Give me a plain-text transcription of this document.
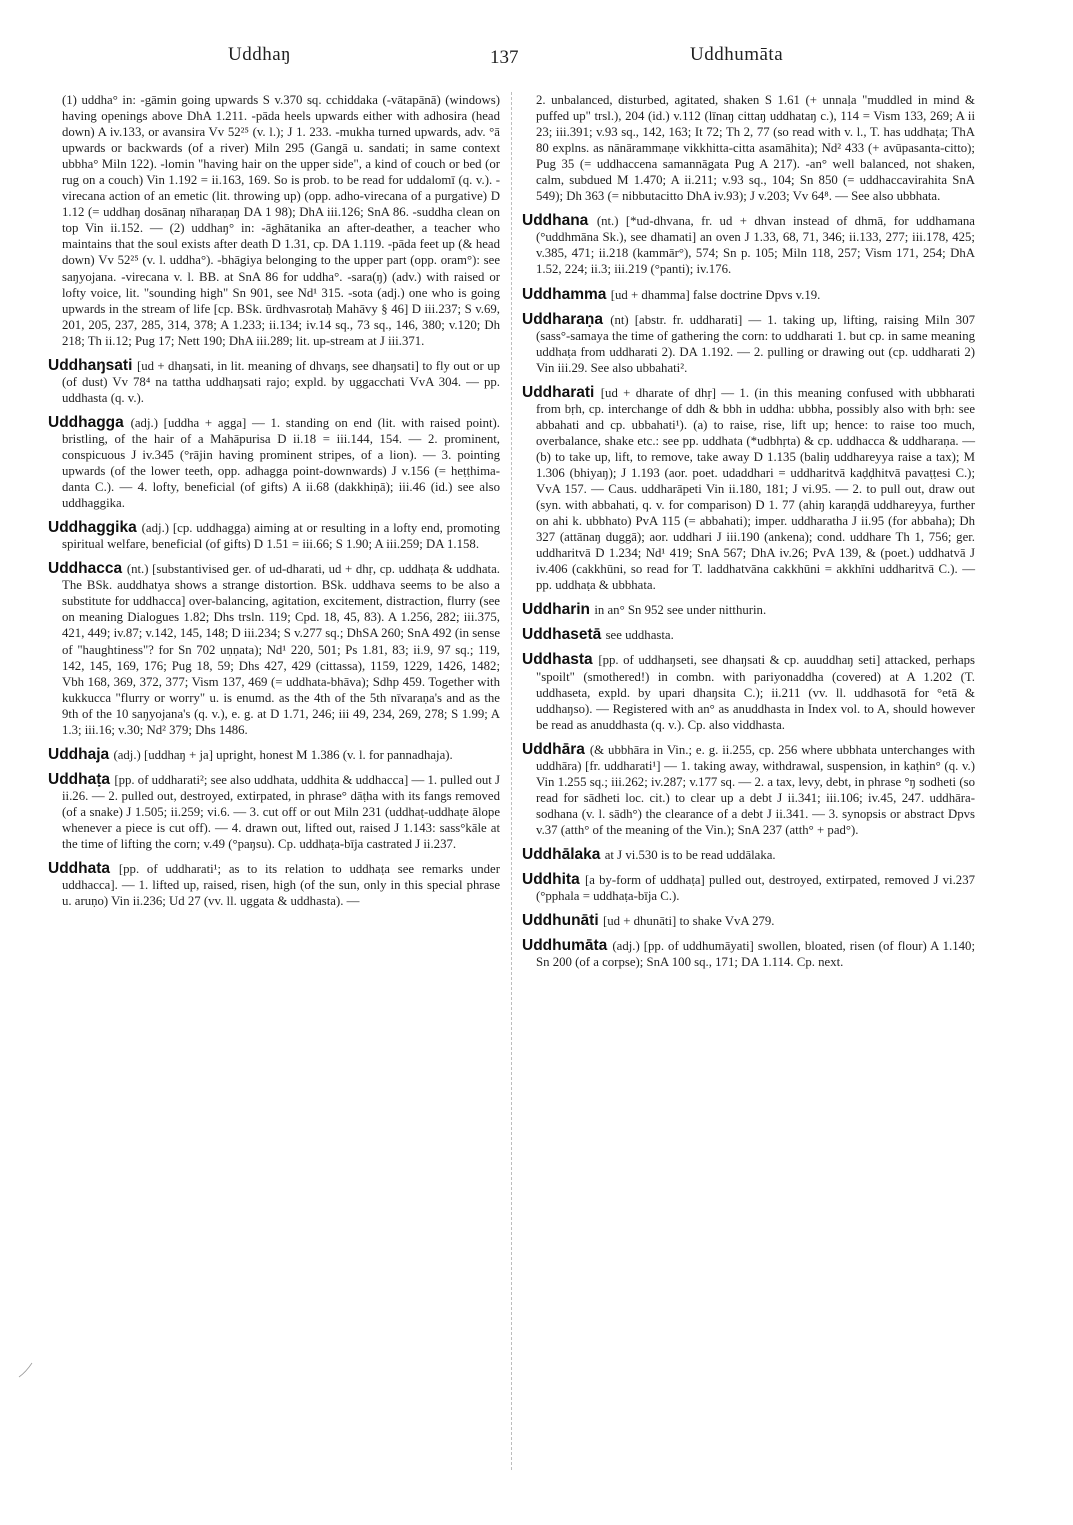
Uddhaŋ	137	Uddhumāta

(1) uddha° in: -gāmin going upwards S v.370 sq. cchiddaka (-vātapānā) (windows) having openings above DhA 1.211. -pāda heels upwards either with adhosira (head down) A iv.133, or avansira Vv 52²⁵ (v. l.); J 1. 233. -mukha turned upwards, adv. °ā upwards or backwards (of a river) Miln 295 (Gangā u. sandati; in same context ubbha° Miln 122). -lomin "having hair on the upper side", a kind of couch or bed (or rug on a couch) Vin 1.192 = ii.163, 169. So is prob. to be read for uddalomī (q. v.). -virecana action of an emetic (lit. throwing up) (opp. adho-virecana of a purgative) D 1.12 (= uddhaŋ dosānaŋ nīharaṇaŋ DA 1 98); DhA iii.126; SnA 86. -suddha clean on top Vin ii.152. — (2) uddhaŋ° in: -āghātanika an after-deather, a teacher who maintains that the soul exists after death D 1.31, cp. DA 1.119. -pāda feet up (& head down) Vv 52²⁵ (v. l. uddha°). -bhāgiya belonging to the upper part (opp. oram°): see saŋyojana. -virecana v. l. BB. at SnA 86 for uddha°. -sara(ŋ) (adv.) with raised or lofty voice, lit. "sounding high" Sn 901, see Nd¹ 315. -sota (adj.) one who is going upwards in the stream of life [cp. BSk. ūrdhvasrotaḥ Mahāvy § 46] D iii.237; S v.69, 201, 205, 237, 285, 314, 378; A 1.233; ii.134; iv.14 sq., 73 sq., 146, 380; v.120; Dh 218; Th ii.12; Pug 17; Nett 190; DhA iii.289; lit. up-stream at J iii.371.

Uddhaŋsati [ud + dhaŋsati, in lit. meaning of dhvaŋs, see dhaŋsati] to fly out or up (of dust) Vv 78⁴ na tattha uddhaŋsati rajo; expld. by uggacchati VvA 304. — pp. uddhasta (q. v.).

Uddhagga (adj.) [uddha + agga] — 1. standing on end (lit. with raised point). bristling, of the hair of a Mahāpurisa D ii.18 = iii.144, 154. — 2. prominent, conspicuous J iv.345 (°rājin having prominent stripes, of a lion). — 3. pointing upwards (of the lower teeth, opp. adhagga point-downwards) J v.156 (= heṭṭhima-danta C.). — 4. lofty, beneficial (of gifts) A ii.68 (dakkhiṇā); iii.46 (id.) see also uddhaggika.

Uddhaggika (adj.) [cp. uddhagga) aiming at or resulting in a lofty end, promoting spiritual welfare, beneficial (of gifts) D 1.51 = iii.66; S 1.90; A iii.259; DA 1.158.

Uddhacca (nt.) [substantivised ger. of ud-dharati, ud + dhṛ, cp. uddhaṭa & uddhata. The BSk. auddhatya shows a strange distortion. BSk. uddhava seems to be also a substitute for uddhacca] over-balancing, agitation, excitement, distraction, flurry (see on meaning Dialogues 1.82; Dhs trsln. 119; Cpd. 18, 45, 83). A 1.256, 282; iii.375, 421, 449; iv.87; v.142, 145, 148; D iii.234; S v.277 sq.; DhSA 260; SnA 492 (in sense of "haughtiness"? for Sn 702 uṇṇata); Nd¹ 220, 501; Ps 1.81, 83; ii.9, 97 sq.; 119, 142, 145, 169, 176; Pug 18, 59; Dhs 427, 429 (cittassa), 1159, 1229, 1426, 1482; Vbh 168, 369, 372, 377; Vism 137, 469 (= uddhata-bhāva); Sdhp 459. Together with kukkucca "flurry or worry" u. is enumd. as the 4th of the 5th nīvaraṇa's and as the 9th of the 10 saŋyojana's (q. v.), e. g. at D 1.71, 246; iii 49, 234, 269, 278; S 1.99; A 1.3; iii.16; v.30; Nd² 379; Dhs 1486.

Uddhaja (adj.) [uddhaŋ + ja] upright, honest M 1.386 (v. l. for pannadhaja).

Uddhaṭa [pp. of uddharati²; see also uddhata, uddhita & uddhacca] — 1. pulled out J ii.26. — 2. pulled out, destroyed, extirpated, in phrase° dāṭha with its fangs removed (of a snake) J 1.505; ii.259; vi.6. — 3. cut off or out Miln 231 (uddhaṭ-uddhaṭe ālope whenever a piece is cut off). — 4. drawn out, lifted out, raised J 1.143: sass°kāle at the time of lifting the corn; v.49 (°paŋsu). Cp. uddhaṭa-bīja castrated J ii.237.

Uddhata [pp. of uddharati¹; as to its relation to uddhaṭa see remarks under uddhacca]. — 1. lifted up, raised, risen, high (of the sun, only in this special phrase u. aruṇo) Vin ii.236; Ud 27 (vv. ll. uggata & uddhasta). —

2. unbalanced, disturbed, agitated, shaken S 1.61 (+ unnaḷa "muddled in mind & puffed up" trsl.), 204 (id.) v.112 (līnaŋ cittaŋ uddhataŋ c.), 114 = Vism 133, 269; A ii 23; iii.391; v.93 sq., 142, 163; It 72; Th 2, 77 (so read with v. l., T. has uddhaṭa; ThA 80 explns. as nānārammaṇe vikkhitta-citta asamāhita); Nd² 433 (+ avūpasanta-citto); Pug 35 (= uddhaccena samannāgata Pug A 217). -an° well balanced, not shaken, calm, subdued M 1.470; A ii.211; v.93 sq., 104; Sn 850 (= uddhaccavirahita SnA 549); Dh 363 (= nibbutacitto DhA iv.93); J v.203; Vv 64⁸. — See also ubbhata.

Uddhana (nt.) [*ud-dhvana, fr. ud + dhvan instead of dhmā, for uddhamana (°uddhmāna Sk.), see dhamati] an oven J 1.33, 68, 71, 346; ii.133, 277; iii.178, 425; v.385, 471; ii.218 (kammār°), 574; Sn p. 105; Miln 118, 257; Vism 171, 254; DhA 1.52, 224; ii.3; iii.219 (°panti); iv.176.

Uddhamma [ud + dhamma] false doctrine Dpvs v.19.

Uddharaṇa (nt) [abstr. fr. uddharati] — 1. taking up, lifting, raising Miln 307 (sass°-samaya the time of gathering the corn: to uddharati 1. but cp. in same meaning uddhaṭa from uddharati 2). DA 1.192. — 2. pulling or drawing out (cp. uddharati 2) Vin iii.29. See also ubbahati².

Uddharati [ud + dharate of dhṛ] — 1. (in this meaning confused with ubbharati from bṛh, cp. interchange of ddh & bbh in uddha: ubbha, possibly also with bṛh: see abbahati and cp. ubbahati¹). (a) to raise, rise, lift up; hence: to raise too much, overbalance, shake etc.: see pp. uddhata (*udbhṛta) & cp. uddhacca & uddharaṇa. — (b) to take up, lift, to remove, take away D 1.135 (baliŋ uddhareyya raise a tax); M 1.306 (bhiyaŋ); J 1.193 (aor. poet. udaddhari = uddharitvā kaḍḍhitvā pavaṭṭesi C.); VvA 157. — Caus. uddharāpeti Vin ii.180, 181; J vi.95. — 2. to pull out, draw out (syn. with abbahati, q. v. for comparison) D 1. 77 (ahiŋ karaṇḍā uddhareyya, further on ahi k. ubbhato) PvA 115 (= abbahati); imper. uddharatha J ii.95 (for abbaha); Dh 327 (attānaŋ duggā); aor. uddhari J iii.190 (ankena); cond. uddhare Th 1, 756; ger. uddharitvā D 1.234; Nd¹ 419; SnA 567; DhA iv.26; PvA 139, & (poet.) uddhatvā J iv.406 (cakkhūni, so read for T. laddhatvāna cakkhūni = akkhīni uddharitvā C.). — pp. uddhaṭa & ubbhata.

Uddharin in an° Sn 952 see under nitthurin.

Uddhasetā see uddhasta.

Uddhasta [pp. of uddhaŋseti, see dhaŋsati & cp. auuddhaŋ seti] attacked, perhaps "spoilt" (smothered!) in combn. with pariyonaddha (covered) at A 1.202 (T. uddhaseta, expld. by upari dhaŋsita C.); ii.211 (vv. ll. uddhasotā for °etā & uddhaŋso). — Registered with an° as anuddhasta in Index vol. to A, should however be read as anuddhasta (q. v.). Cp. also viddhasta.

Uddhāra (& ubbhāra in Vin.; e. g. ii.255, cp. 256 where ubbhata unterchanges with uddhāra) [fr. uddharati¹] — 1. taking away, withdrawal, suspension, in kaṭhin° (q. v.) Vin 1.255 sq.; iii.262; iv.287; v.177 sq. — 2. a tax, levy, debt, in phrase °ŋ sodheti (so read for sādheti loc. cit.) to clear up a debt J ii.341; iii.106; iv.45, 247. uddhāra-sodhana (v. l. sādh°) the clearance of a debt J ii.341. — 3. synopsis or abstract Dpvs v.37 (atth° of the meaning of the Vin.); SnA 237 (atth° + pad°).

Uddhālaka at J vi.530 is to be read uddālaka.

Uddhita [a by-form of uddhaṭa] pulled out, destroyed, extirpated, removed J vi.237 (°pphala = uddhaṭa-bīja C.).

Uddhunāti [ud + dhunāti] to shake VvA 279.

Uddhumāta (adj.) [pp. of uddhumāyati] swollen, bloated, risen (of flour) A 1.140; Sn 200 (of a corpse); SnA 100 sq., 171; DA 1.114. Cp. next.
